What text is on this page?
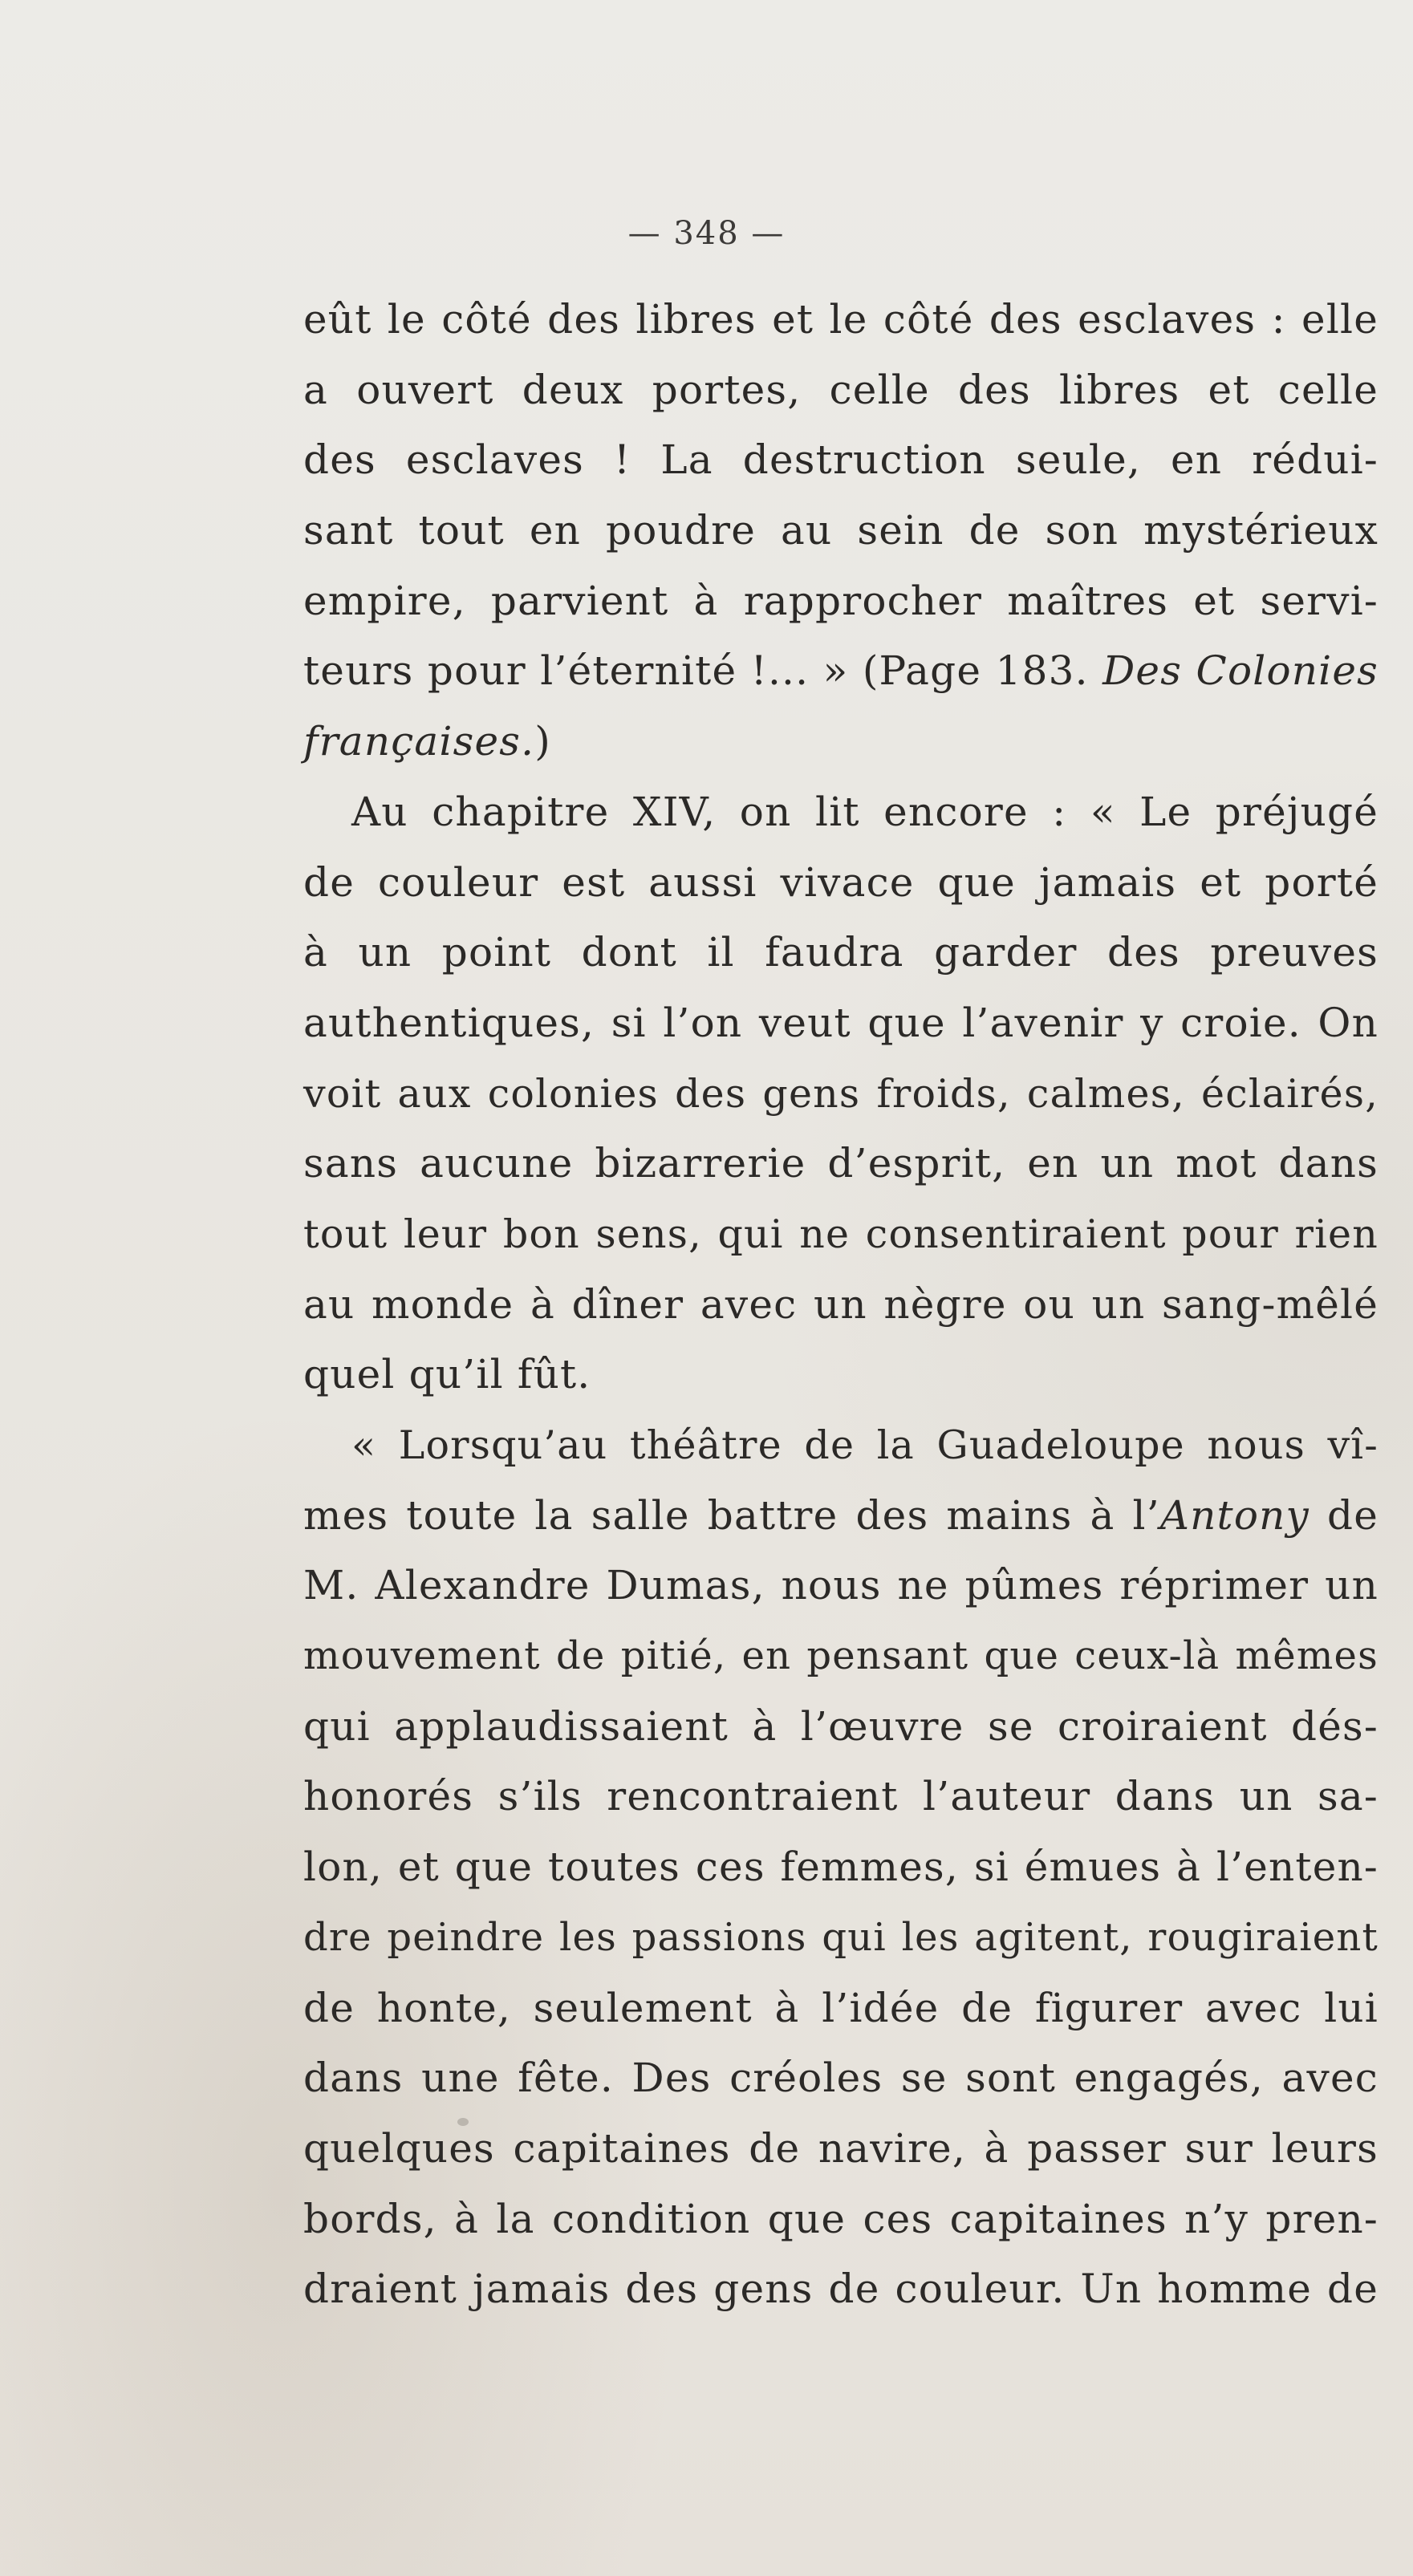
— 348 —
eût le côté des libres et le côté des esclaves : elle
a ouvert deux portes, celle des libres et celle
des esclaves ! La destruction seule, en rédui-
sant tout en poudre au sein de son mystérieux
empire, parvient à rapprocher maîtres et servi-
teurs pour l’éternité !... » (Page 183. Des Colonies
françaises.)
Au chapitre XIV, on lit encore : « Le préjugé
de couleur est aussi vivace que jamais et porté
à un point dont il faudra garder des preuves
authentiques, si l’on veut que l’avenir y croie. On
voit aux colonies des gens froids, calmes, éclairés,
sans aucune bizarrerie d’esprit, en un mot dans
tout leur bon sens, qui ne consentiraient pour rien
au monde à dîner avec un nègre ou un sang-mêlé
quel qu’il fût.
« Lorsqu’au théâtre de la Guadeloupe nous vî-
mes toute la salle battre des mains à l’Antony de
M. Alexandre Dumas, nous ne pûmes réprimer un
mouvement de pitié, en pensant que ceux-là mêmes
qui applaudissaient à l’œuvre se croiraient dés-
honorés s’ils rencontraient l’auteur dans un sa-
lon, et que toutes ces femmes, si émues à l’enten-
dre peindre les passions qui les agitent, rougiraient
de honte, seulement à l’idée de figurer avec lui
dans une fête. Des créoles se sont engagés, avec
quelques capitaines de navire, à passer sur leurs
bords, à la condition que ces capitaines n’y pren-
draient jamais des gens de couleur. Un homme de
